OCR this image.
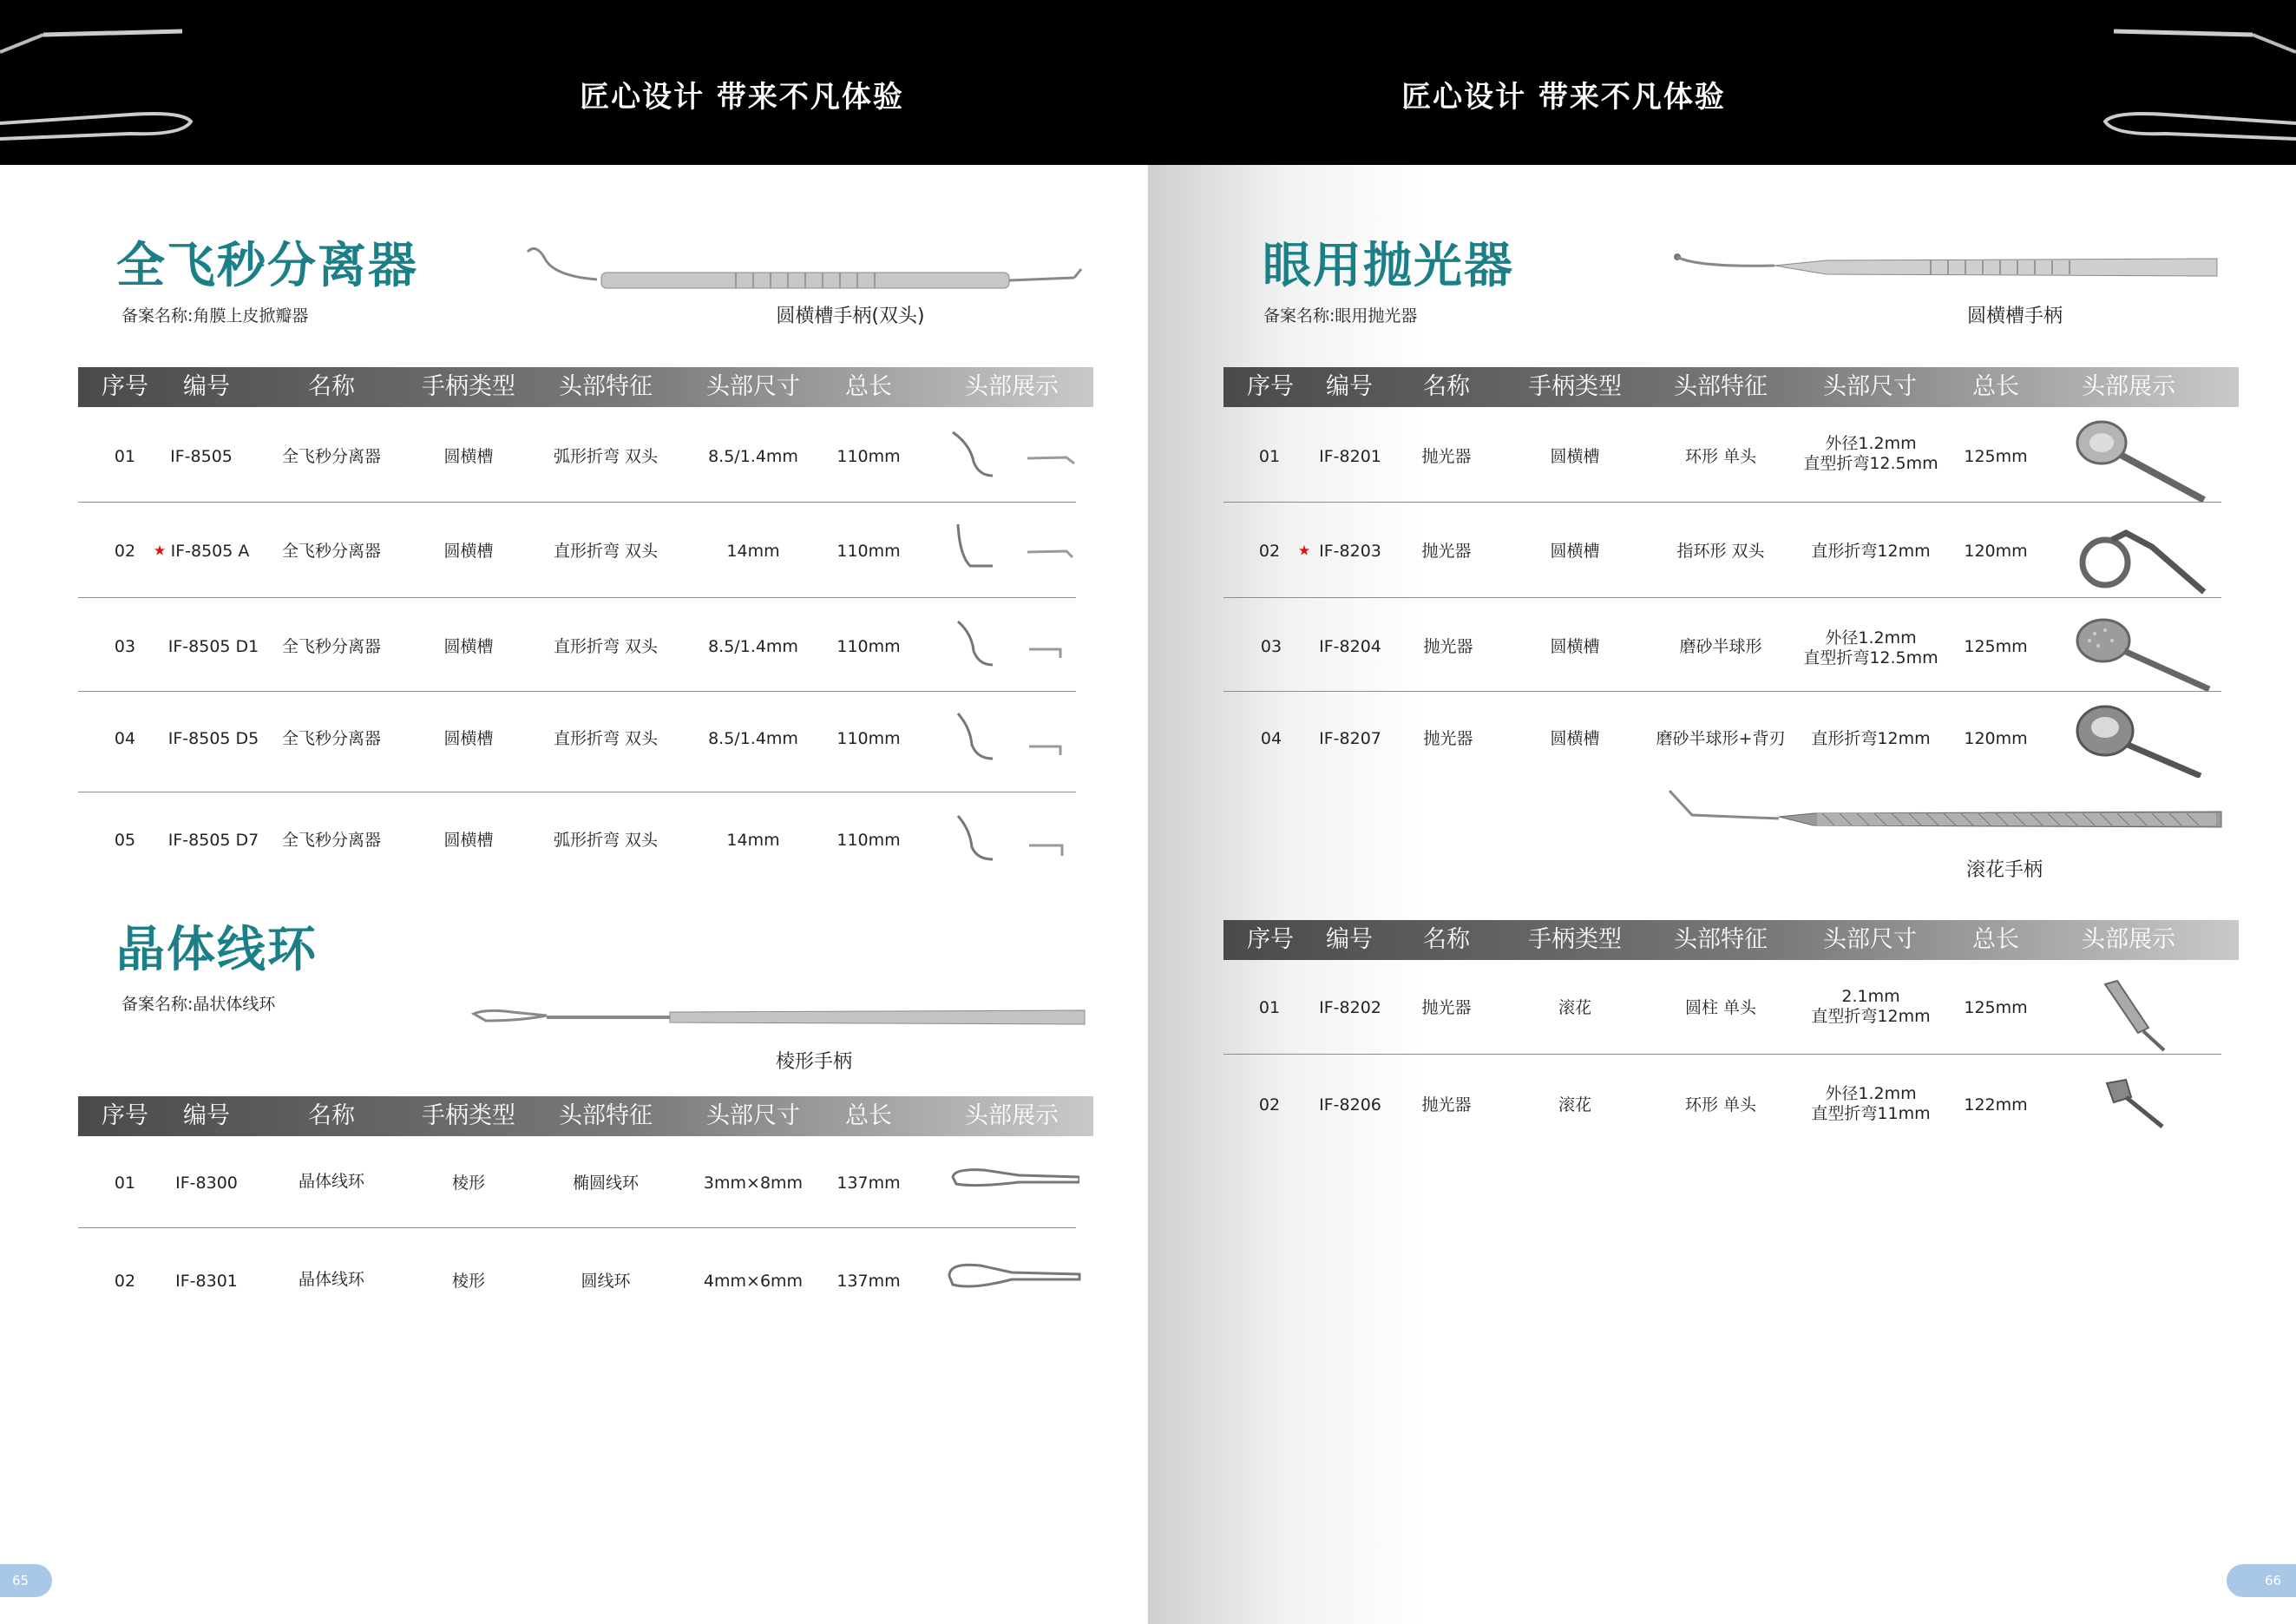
匠心设计 带来不凡体验	匠心设计 带来不凡体验
全飞秒分离器
备案名称:角膜上皮掀瓣器	圆横槽手柄(双头)
序号 编号	名称	手柄类型 头部特征 头部尺寸 总长	头部展示
01 IF-8505	全飞秒分离器	圆横槽	弧形折弯 双头	8.5/1.4mm 110mm
02 ★ IF-8505 A 全飞秒分离器	圆横槽	直形折弯 双头	14mm	110mm
03 IF-8505 D1 全飞秒分离器	圆横槽	直形折弯 双头	8.5/1.4mm 110mm
04 IF-8505 D5 全飞秒分离器	圆横槽	直形折弯 双头	8.5/1.4mm 110mm
05 IF-8505 D7 全飞秒分离器	圆横槽	弧形折弯 双头	14mm	110mm
晶体线环
备案名称:晶状体线环
棱形手柄
序号 编号	名称	手柄类型 头部特征 头部尺寸 总长	头部展示
01 IF-8300	晶体线环	棱形	椭圆线环	3mm×8mm 137mm
02 IF-8301	晶体线环	棱形	圆线环	4mm×6mm 137mm
65
眼用抛光器
备案名称:眼用抛光器	圆横槽手柄
序号 编号 名称 手柄类型 头部特征 头部尺寸 总长	头部展示
01 IF-8201 抛光器	圆横槽	环形 单头
外径1.2mm
直型折弯12.5mm 125mm
02 ★ IF-8203 抛光器	圆横槽	指环形 双头	直形折弯12mm 120mm
03 IF-8204	抛光器	圆横槽	磨砂半球形	外径1.2mm
直型折弯12.5mm
125mm
04 IF-8207	抛光器	圆横槽	磨砂半球形+背刃 直形折弯12mm 120mm
滚花手柄
序号 编号 名称 手柄类型 头部特征 头部尺寸 总长	头部展示
01 IF-8202 抛光器	滚花	圆柱 单头
2.1mm
直型折弯12mm 125mm
02 IF-8206 抛光器	滚花	环形 单头
外径1.2mm
直型折弯11mm 122mm
66
